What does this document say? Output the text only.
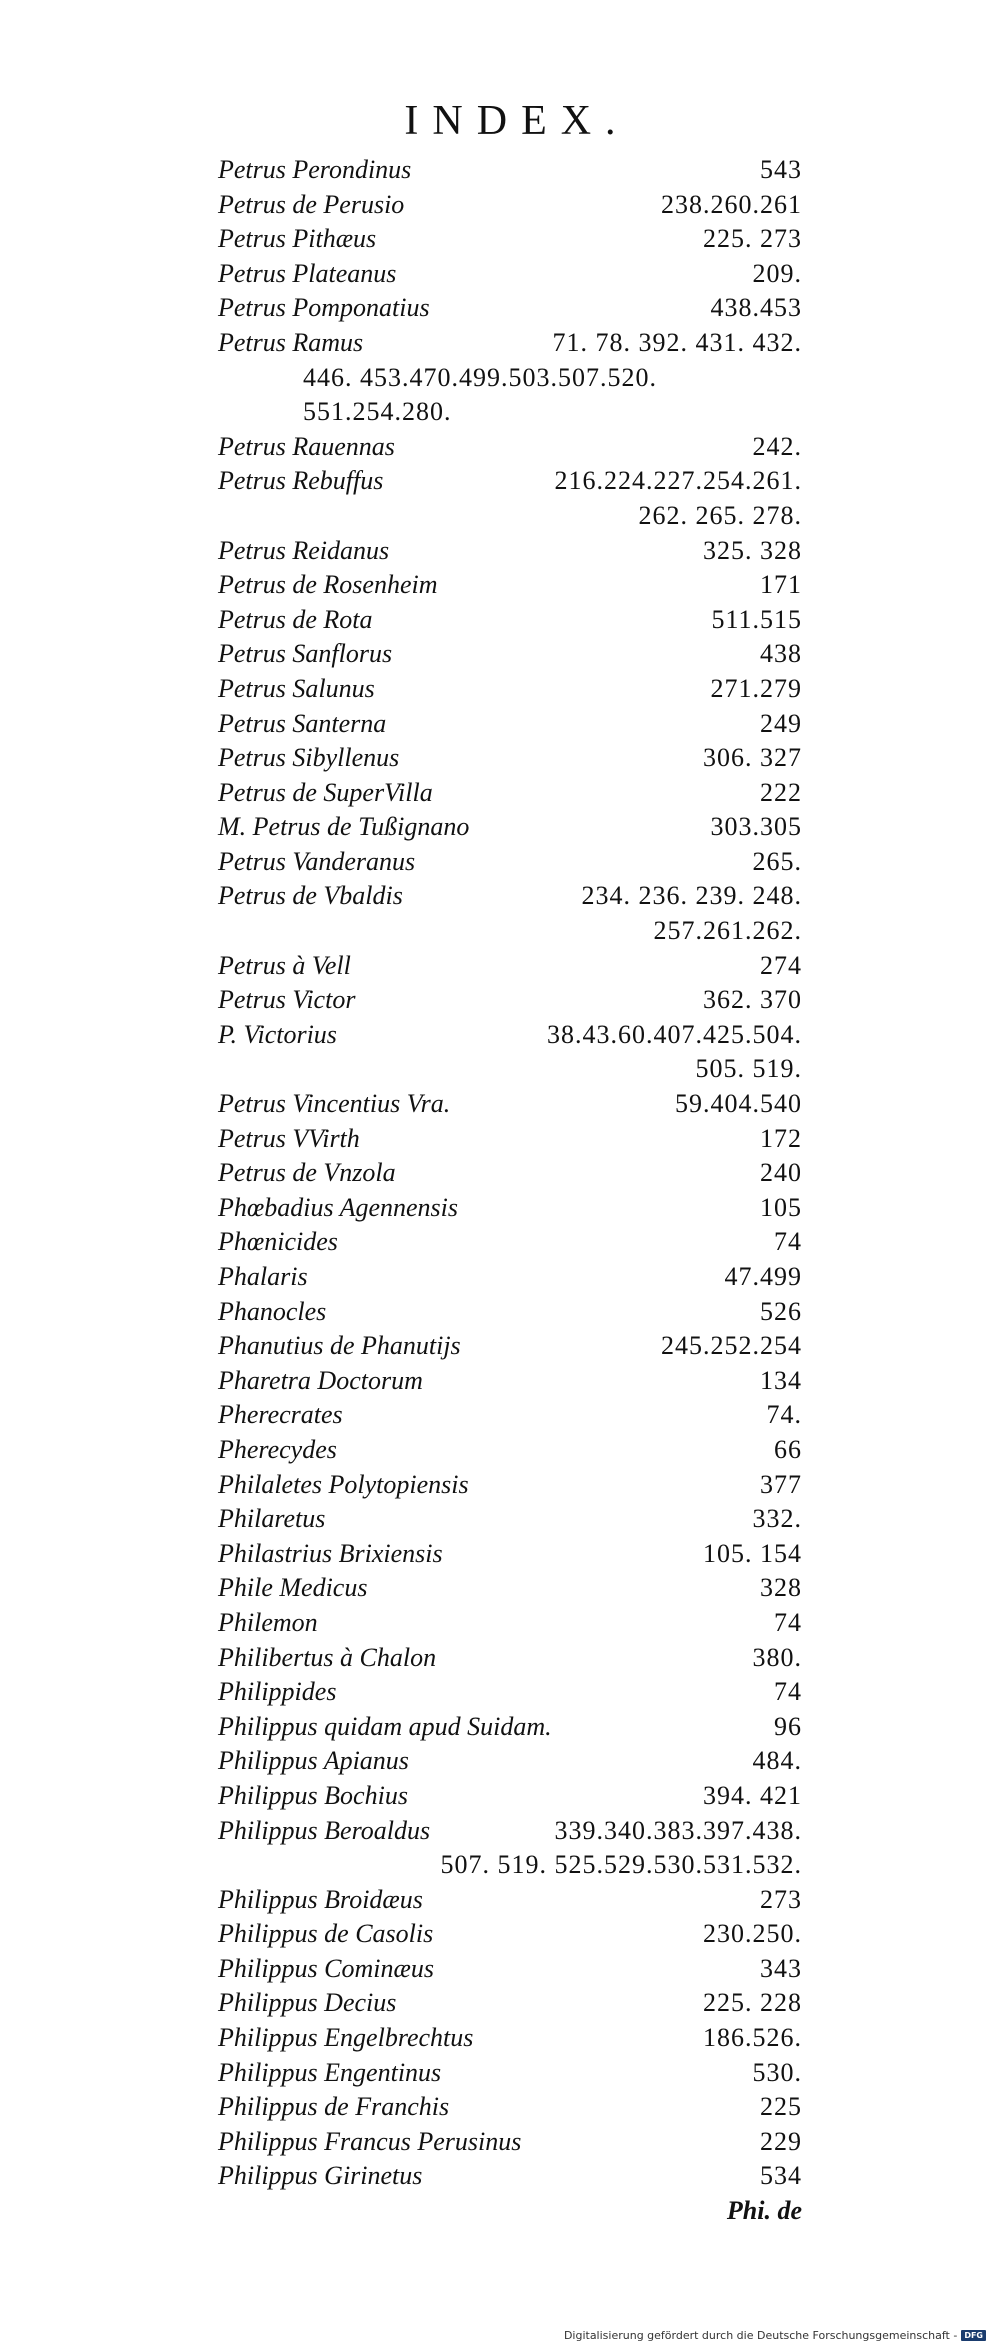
INDEX.
Petrus Perondinus	543
Petrus de Perusio	238.260.261
Petrus Pithæus	225. 273
Petrus Plateanus	209.
Petrus Pomponatius	438.453
Petrus Ramus	71. 78. 392. 431. 432.
446. 453.470.499.503.507.520.
551.254.280.
Petrus Rauennas	242.
Petrus Rebuffus	216.224.227.254.261.
262. 265. 278.
Petrus Reidanus	325. 328
Petrus de Rosenheim	171
Petrus de Rota	511.515
Petrus Sanflorus	438
Petrus Salunus	271.279
Petrus Santerna	249
Petrus Sibyllenus	306. 327
Petrus de SuperVilla	222
M. Petrus de Tußignano	303.305
Petrus Vanderanus	265.
Petrus de Vbaldis	234. 236. 239. 248.
257.261.262.
Petrus à Vell	274
Petrus Victor	362. 370
P. Victorius	38.43.60.407.425.504.
505. 519.
Petrus Vincentius Vra.	59.404.540
Petrus VVirth	172
Petrus de Vnzola	240
Phœbadius Agennensis	105
Phœnicides	74
Phalaris	47.499
Phanocles	526
Phanutius de Phanutijs	245.252.254
Pharetra Doctorum	134
Pherecrates	74.
Pherecydes	66
Philaletes Polytopiensis	377
Philaretus	332.
Philastrius Brixiensis	105. 154
Phile Medicus	328
Philemon	74
Philibertus à Chalon	380.
Philippides	74
Philippus quidam apud Suidam.	96
Philippus Apianus	484.
Philippus Bochius	394. 421
Philippus Beroaldus	339.340.383.397.438.
507. 519. 525.529.530.531.532.
Philippus Broidæus	273
Philippus de Casolis	230.250.
Philippus Cominæus	343
Philippus Decius	225. 228
Philippus Engelbrechtus	186.526.
Philippus Engentinus	530.
Philippus de Franchis	225
Philippus Francus Perusinus	229
Philippus Girinetus	534
Phi. de
Digitalisierung gefördert durch die Deutsche Forschungsgemeinschaft - DFG
